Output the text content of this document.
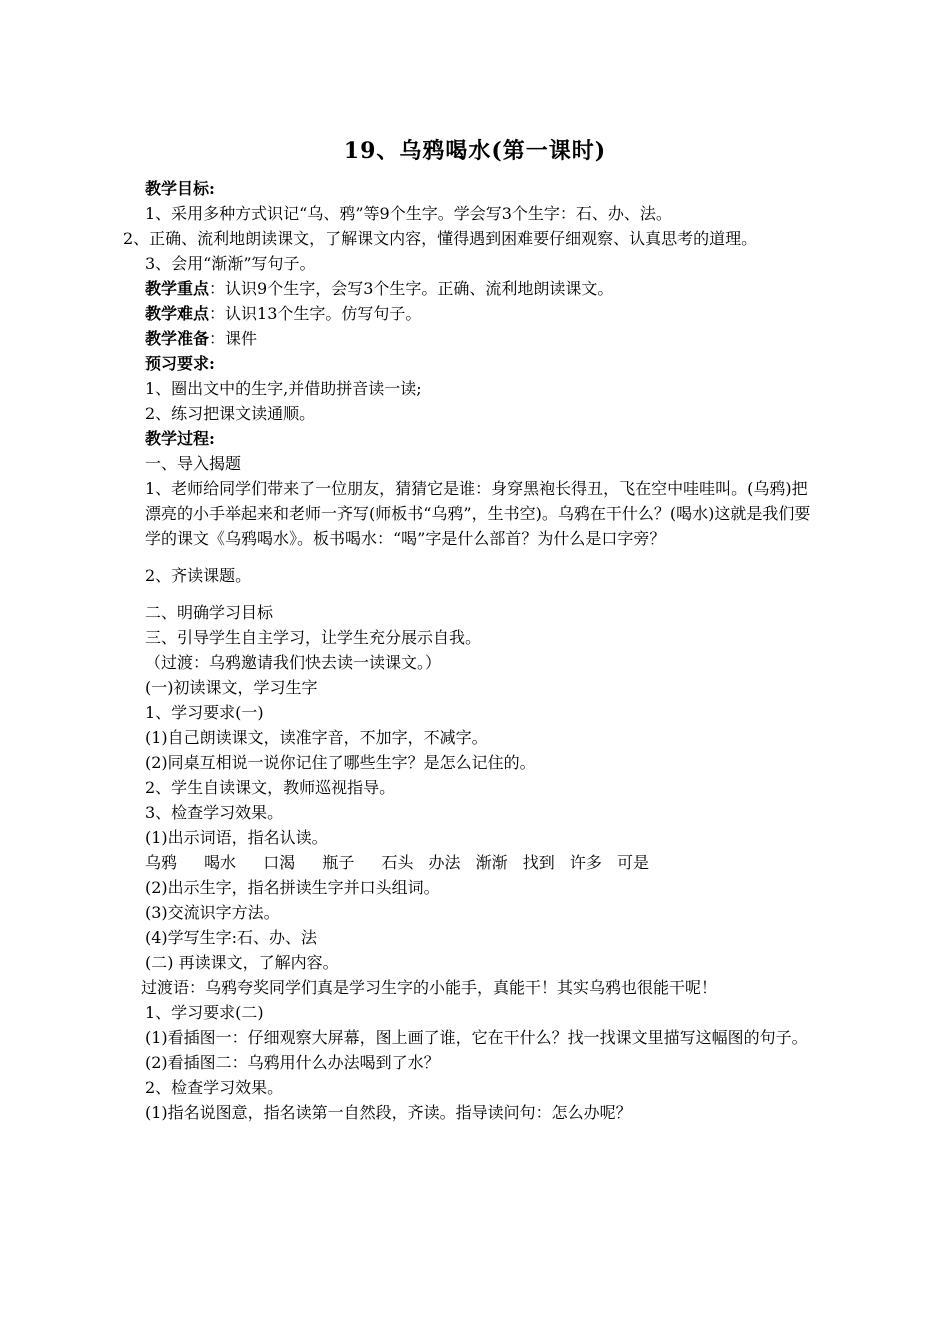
19、乌鸦喝水(第一课时)

教学目标:

1、采用多种方式识记“乌、鸦”等9个生字。学会写3个生字：石、办、法。

2、正确、流利地朗读课文，了解课文内容，懂得遇到困难要仔细观察、认真思考的道理。

3、会用“渐渐”写句子。

教学重点：认识9个生字，会写3个生字。正确、流利地朗读课文。

教学难点：认识13个生字。仿写句子。

教学准备：课件

预习要求:

1、圈出文中的生字,并借助拼音读一读;

2、练习把课文读通顺。

教学过程:

一、导入揭题

1、老师给同学们带来了一位朋友，猜猜它是谁：身穿黑袍长得丑，飞在空中哇哇叫。(乌鸦)把漂亮的小手举起来和老师一齐写(师板书“乌鸦”，生书空)。乌鸦在干什么？(喝水)这就是我们要学的课文《乌鸦喝水》。板书喝水：“喝”字是什么部首？为什么是口字旁？

2、齐读课题。

二、明确学习目标

三、引导学生自主学习，让学生充分展示自我。

（过渡：乌鸦邀请我们快去读一读课文。）

(一)初读课文，学习生字

1、学习要求(一)

(1)自己朗读课文，读准字音，不加字，不减字。

(2)同桌互相说一说你记住了哪些生字？是怎么记住的。

2、学生自读课文，教师巡视指导。

3、检查学习效果。

(1)出示词语，指名认读。

乌鸦 喝水 口渴 瓶子 石头 办法 渐渐 找到 许多 可是

(2)出示生字，指名拼读生字并口头组词。

(3)交流识字方法。

(4)学写生字:石、办、法

(二) 再读课文，了解内容。

过渡语：乌鸦夸奖同学们真是学习生字的小能手，真能干！其实乌鸦也很能干呢！

1、学习要求(二)

(1)看插图一：仔细观察大屏幕，图上画了谁，它在干什么？找一找课文里描写这幅图的句子。

(2)看插图二：乌鸦用什么办法喝到了水？

2、检查学习效果。

(1)指名说图意，指名读第一自然段，齐读。指导读问句：怎么办呢？
